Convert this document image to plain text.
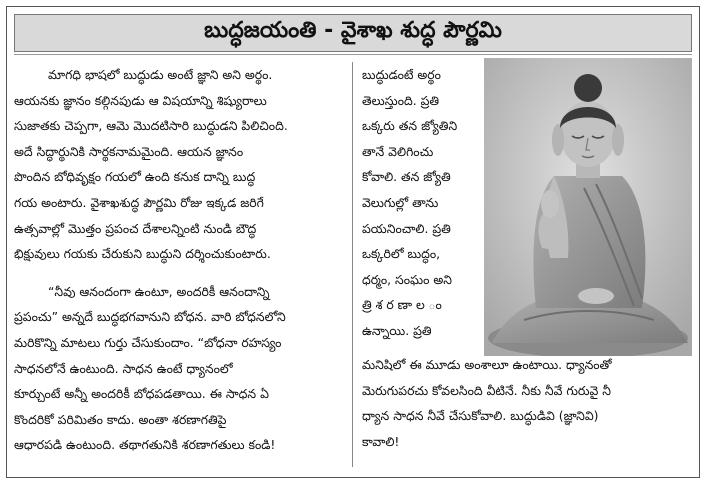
బుద్ధజయంతి - వైశాఖ శుద్ధ పౌర్ణమి
మాగధి భాషలో బుద్ధుడు అంటే జ్ఞాని అని అర్థం.
ఆయనకు జ్ఞానం కల్గినపుడు ఆ విషయాన్ని శిష్యురాలు
సుజాతకు చెప్పగా, ఆమె మొదటిసారి బుద్ధుడని పిలిచింది.
అదే సిద్ధార్థునికి సార్థకనామమైంది. ఆయన జ్ఞానం
పొందిన బోధివృక్షం గయలో ఉంది కనుక దాన్ని బుద్ధ
గయ అంటారు. వైశాఖశుద్ధ పౌర్ణమి రోజు ఇక్కడ జరిగే
ఉత్సవాల్లో మొత్తం ప్రపంచ దేశాలన్నింటి నుండి బౌద్ధ
భిక్షువులు గయకు చేరుకుని బుద్ధుని దర్శించుకుంటారు.
“నీవు ఆనందంగా ఉంటూ, అందరికీ ఆనందాన్ని
ప్రపంచు” అన్నదే బుద్ధభగవానుని బోధన. వారి బోధనలోని
మరికొన్ని మాటలు గుర్తు చేసుకుందాం. “బోధనా రహస్యం
సాధనలోనే ఉంటుంది. సాధన ఉంటే ధ్యానంలో
కూర్చుంటే అన్నీ అందరికీ బోధపడతాయి. ఈ సాధన ఏ
కొందరికో పరిమితం కాదు. అంతా శరణాగతిపై
ఆధారపడి ఉంటుంది. తథాగతునికి శరణాగతులు కండి!
బుద్ధుడంటే అర్థం
తెలుస్తుంది. ప్రతి
ఒక్కరు తన జ్యోతిని
తానే వెలిగించు
కోవాలి. తన జ్యోతి
వెలుగుల్లో తాను
పయనించాలి. ప్రతి
ఒక్కరిలో బుద్ధం,
ధర్మం, సంఘం అని
త్రి శ ర ణా ల ం
ఉన్నాయి. ప్రతి
మనిషిలో ఈ మూడు అంశాలూ ఉంటాయి. ధ్యానంతో
మెరుగుపరచు కోవలసింది వీటినే. నీకు నీవే గురువై నీ
ధ్యాన సాధన నీవే చేసుకోవాలి. బుద్ధుడివి (జ్ఞానివి)
కావాలి!
